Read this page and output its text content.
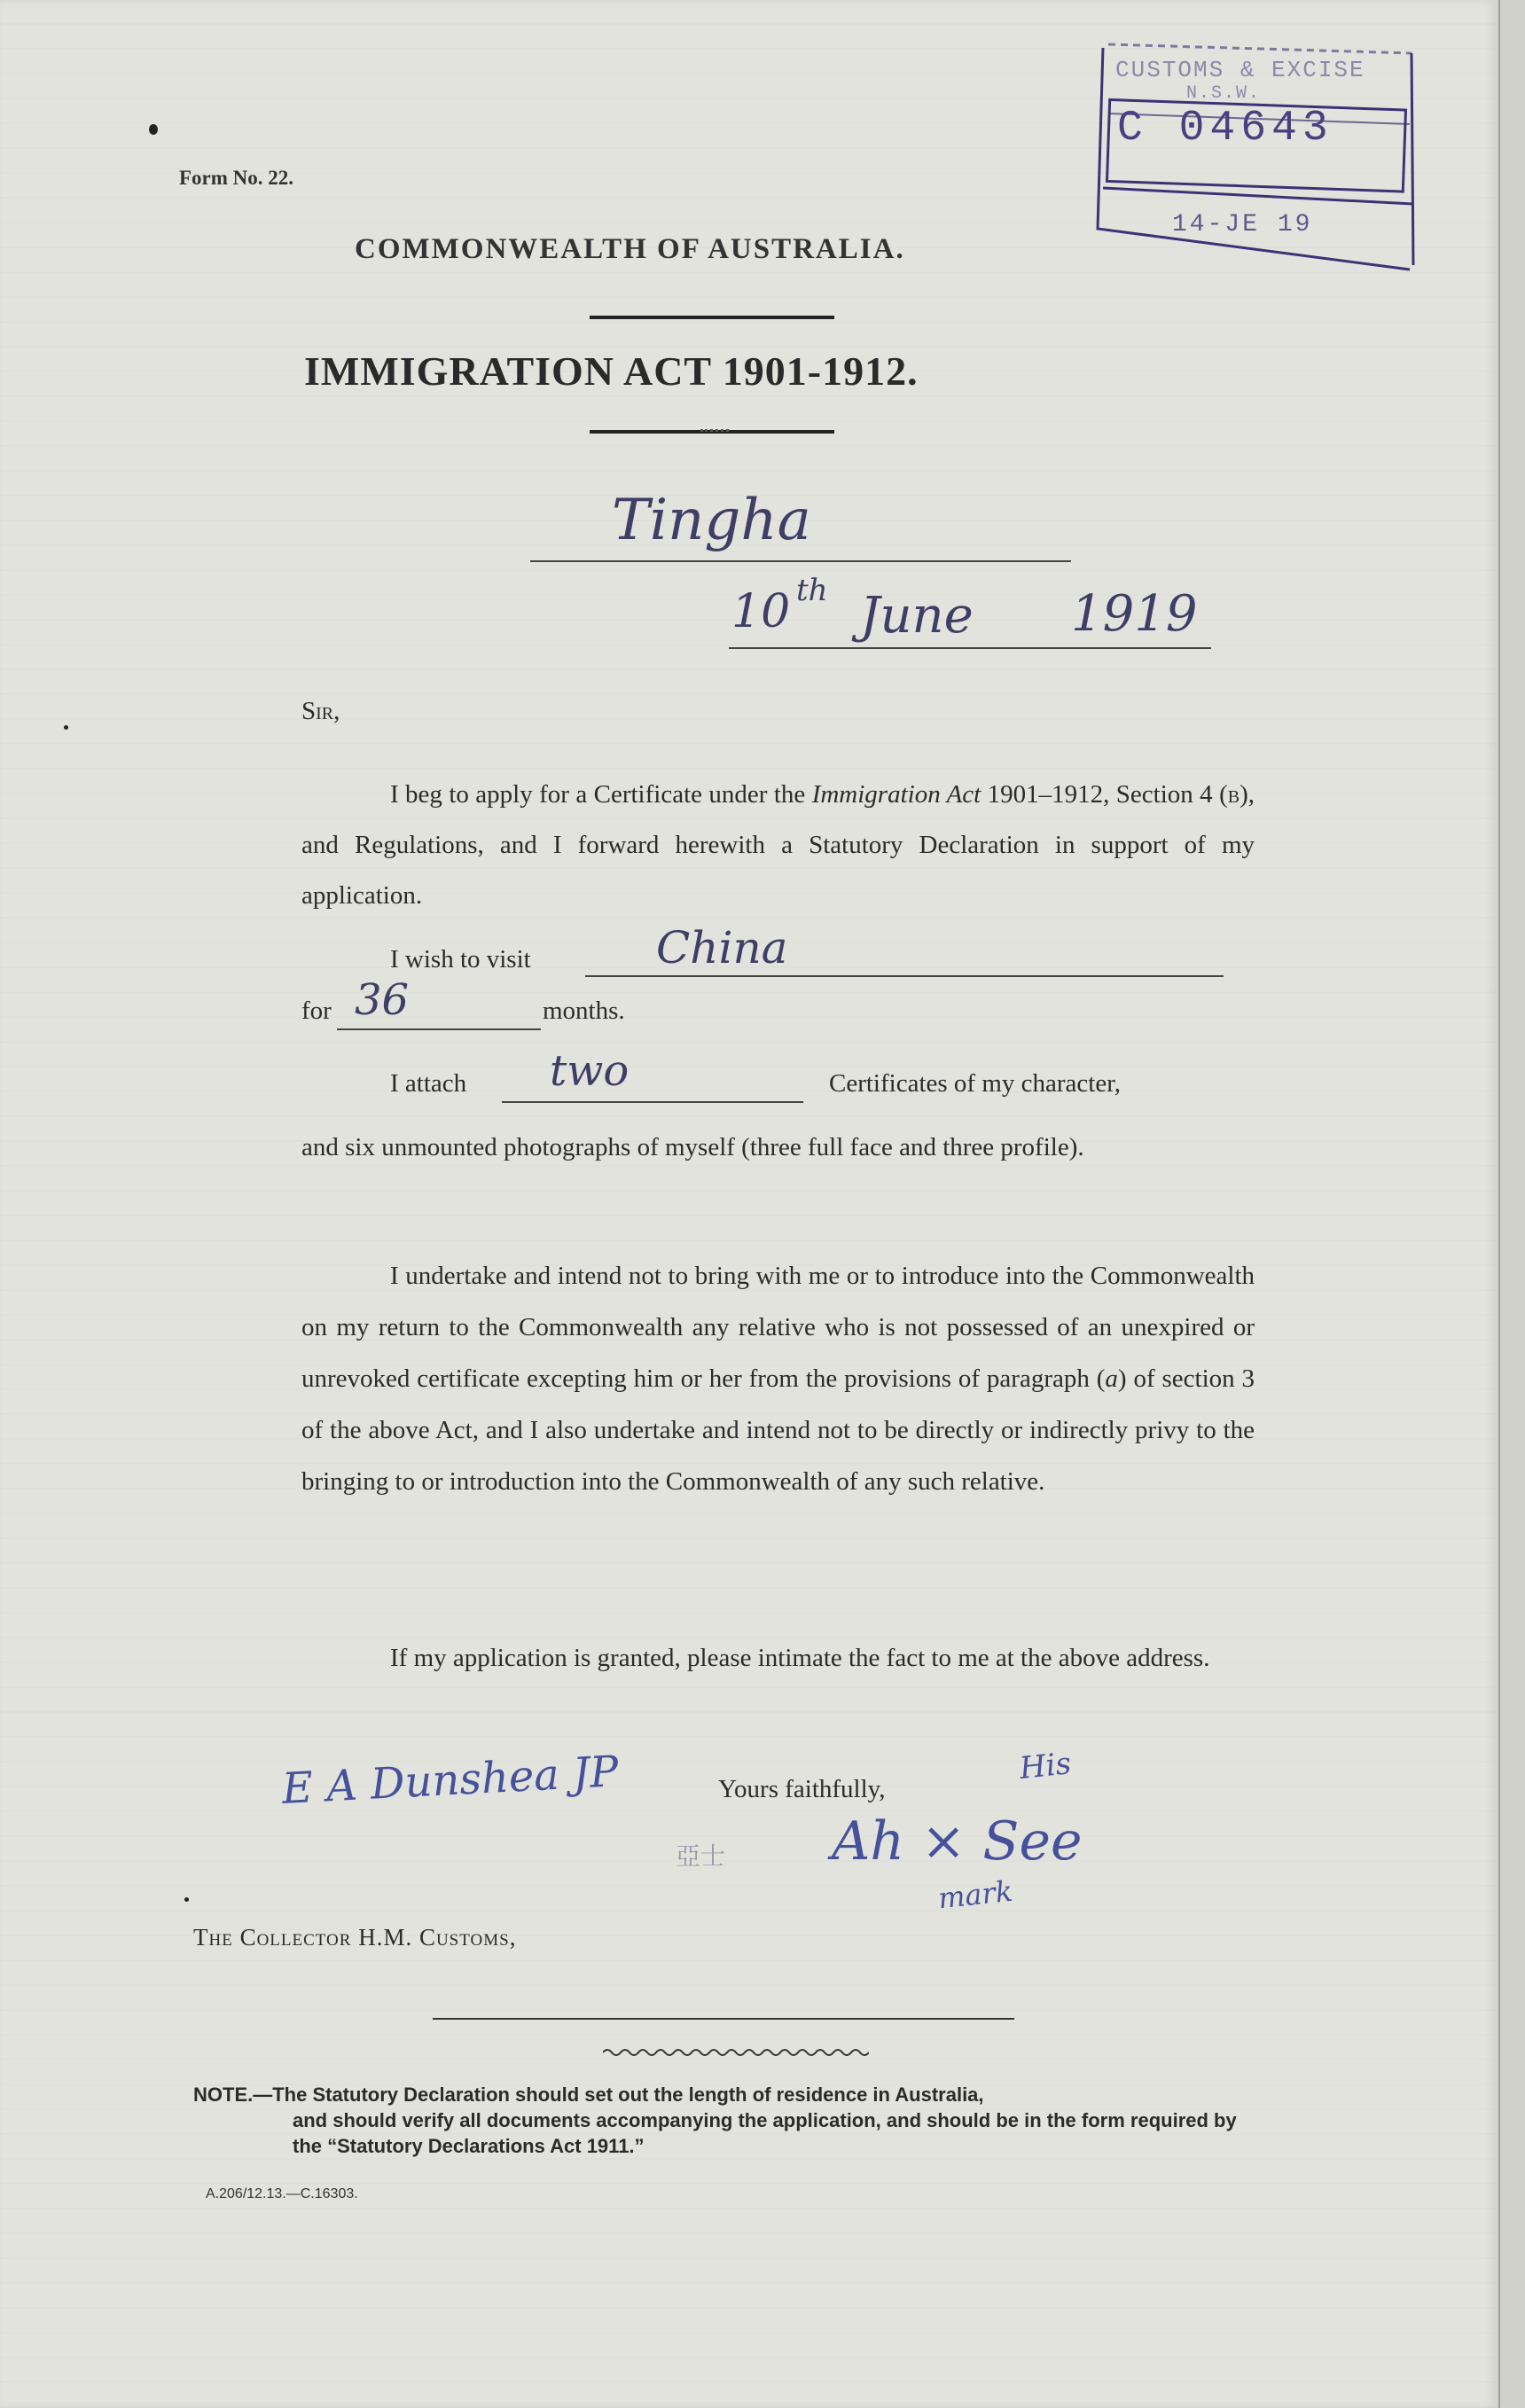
CUSTOMS & EXCISE
N.S.W.
C 04643
14-JE 19
Form No. 22.
COMMONWEALTH OF AUSTRALIA.
IMMIGRATION ACT 1901-1912.
Tingha
10 th June 1919
Sir,
I beg to apply for a Certificate under the Immigration Act 1901–1912, Section 4 (b), and Regulations, and I forward herewith a Statutory Declaration in support of my application.
I wish to visit	China
for 36	months.
I attach two	Certificates of my character,
and six unmounted photographs of myself (three full face and three profile).
I undertake and intend not to bring with me or to introduce into the Commonwealth on my return to the Commonwealth any relative who is not possessed of an unexpired or unrevoked certificate excepting him or her from the provisions of paragraph (a) of section 3 of the above Act, and I also undertake and intend not to be directly or indirectly privy to the bringing to or introduction into the Commonwealth of any such relative.
If my application is granted, please intimate the fact to me at the above address.
E A Dunshea JP	Yours faithfully,
His
亞士 Ah × See
mark
The Collector H.M. Customs,
NOTE.—The Statutory Declaration should set out the length of residence in Australia,
and should verify all documents accompanying the application, and should be in the form required by the “Statutory Declarations Act 1911.”
A.206/12.13.—C.16303.
